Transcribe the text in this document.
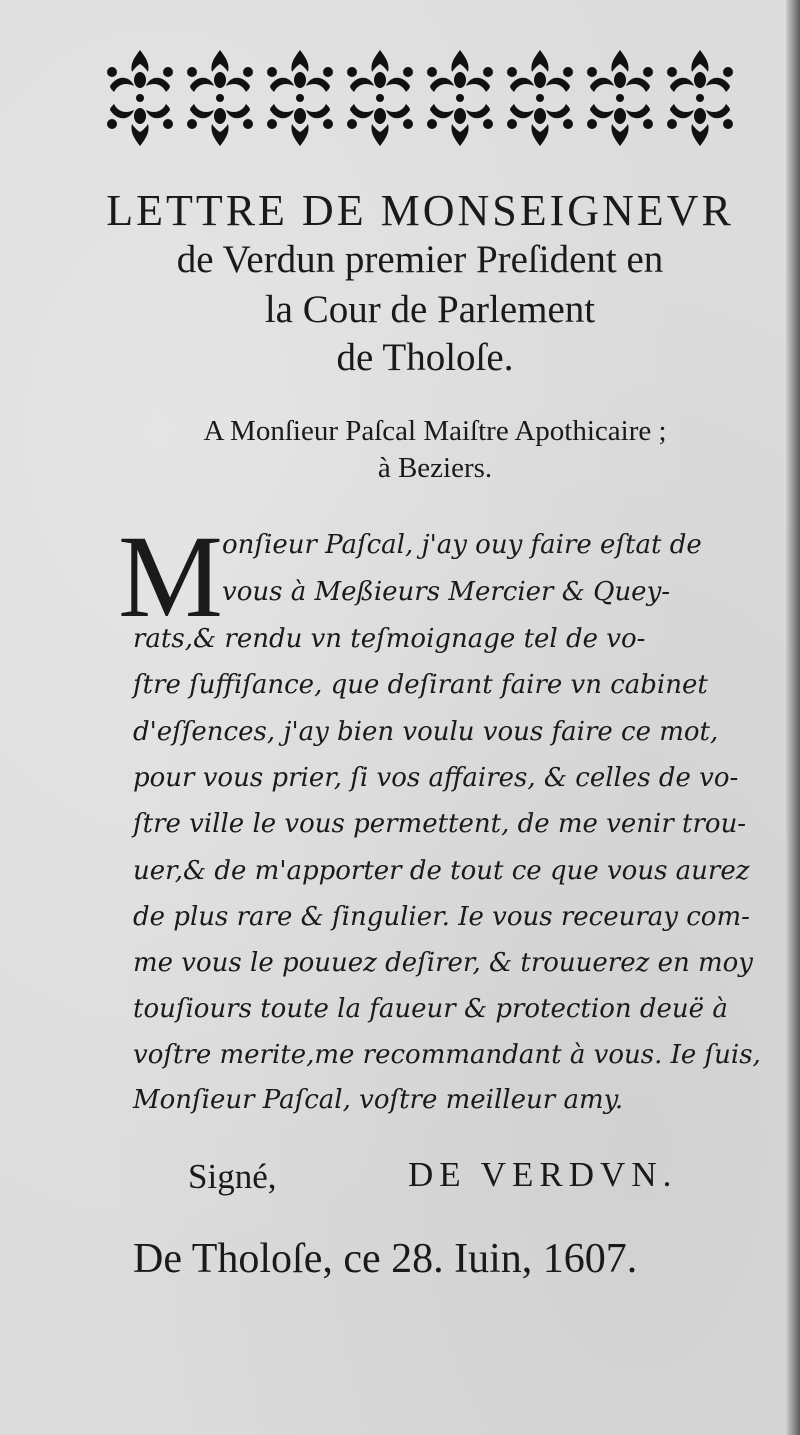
LETTRE DE MONSEIGNEVR
de Verdun premier Preſident en
la Cour de Parlement
de Tholoſe.
A Monſieur Paſcal Maiſtre Apothicaire ;
à Beziers.
M onſieur Paſcal, j'ay ouy faire eſtat de
vous à Meßieurs Mercier & Quey-
rats,& rendu vn teſmoignage tel de vo-
ſtre ſuffiſance, que deſirant faire vn cabinet
d'eſſences, j'ay bien voulu vous faire ce mot,
pour vous prier, ſi vos affaires, & celles de vo-
ſtre ville le vous permettent, de me venir trou-
uer,& de m'apporter de tout ce que vous aurez
de plus rare & ſingulier. Ie vous receuray com-
me vous le pouuez deſirer, & trouuerez en moy
touſiours toute la faueur & protection deuë à
voſtre merite,me recommandant à vous. Ie ſuis,
Monſieur Paſcal, voſtre meilleur amy.
Signé,	DE VERDVN.
De Tholoſe, ce 28. Iuin, 1607.
